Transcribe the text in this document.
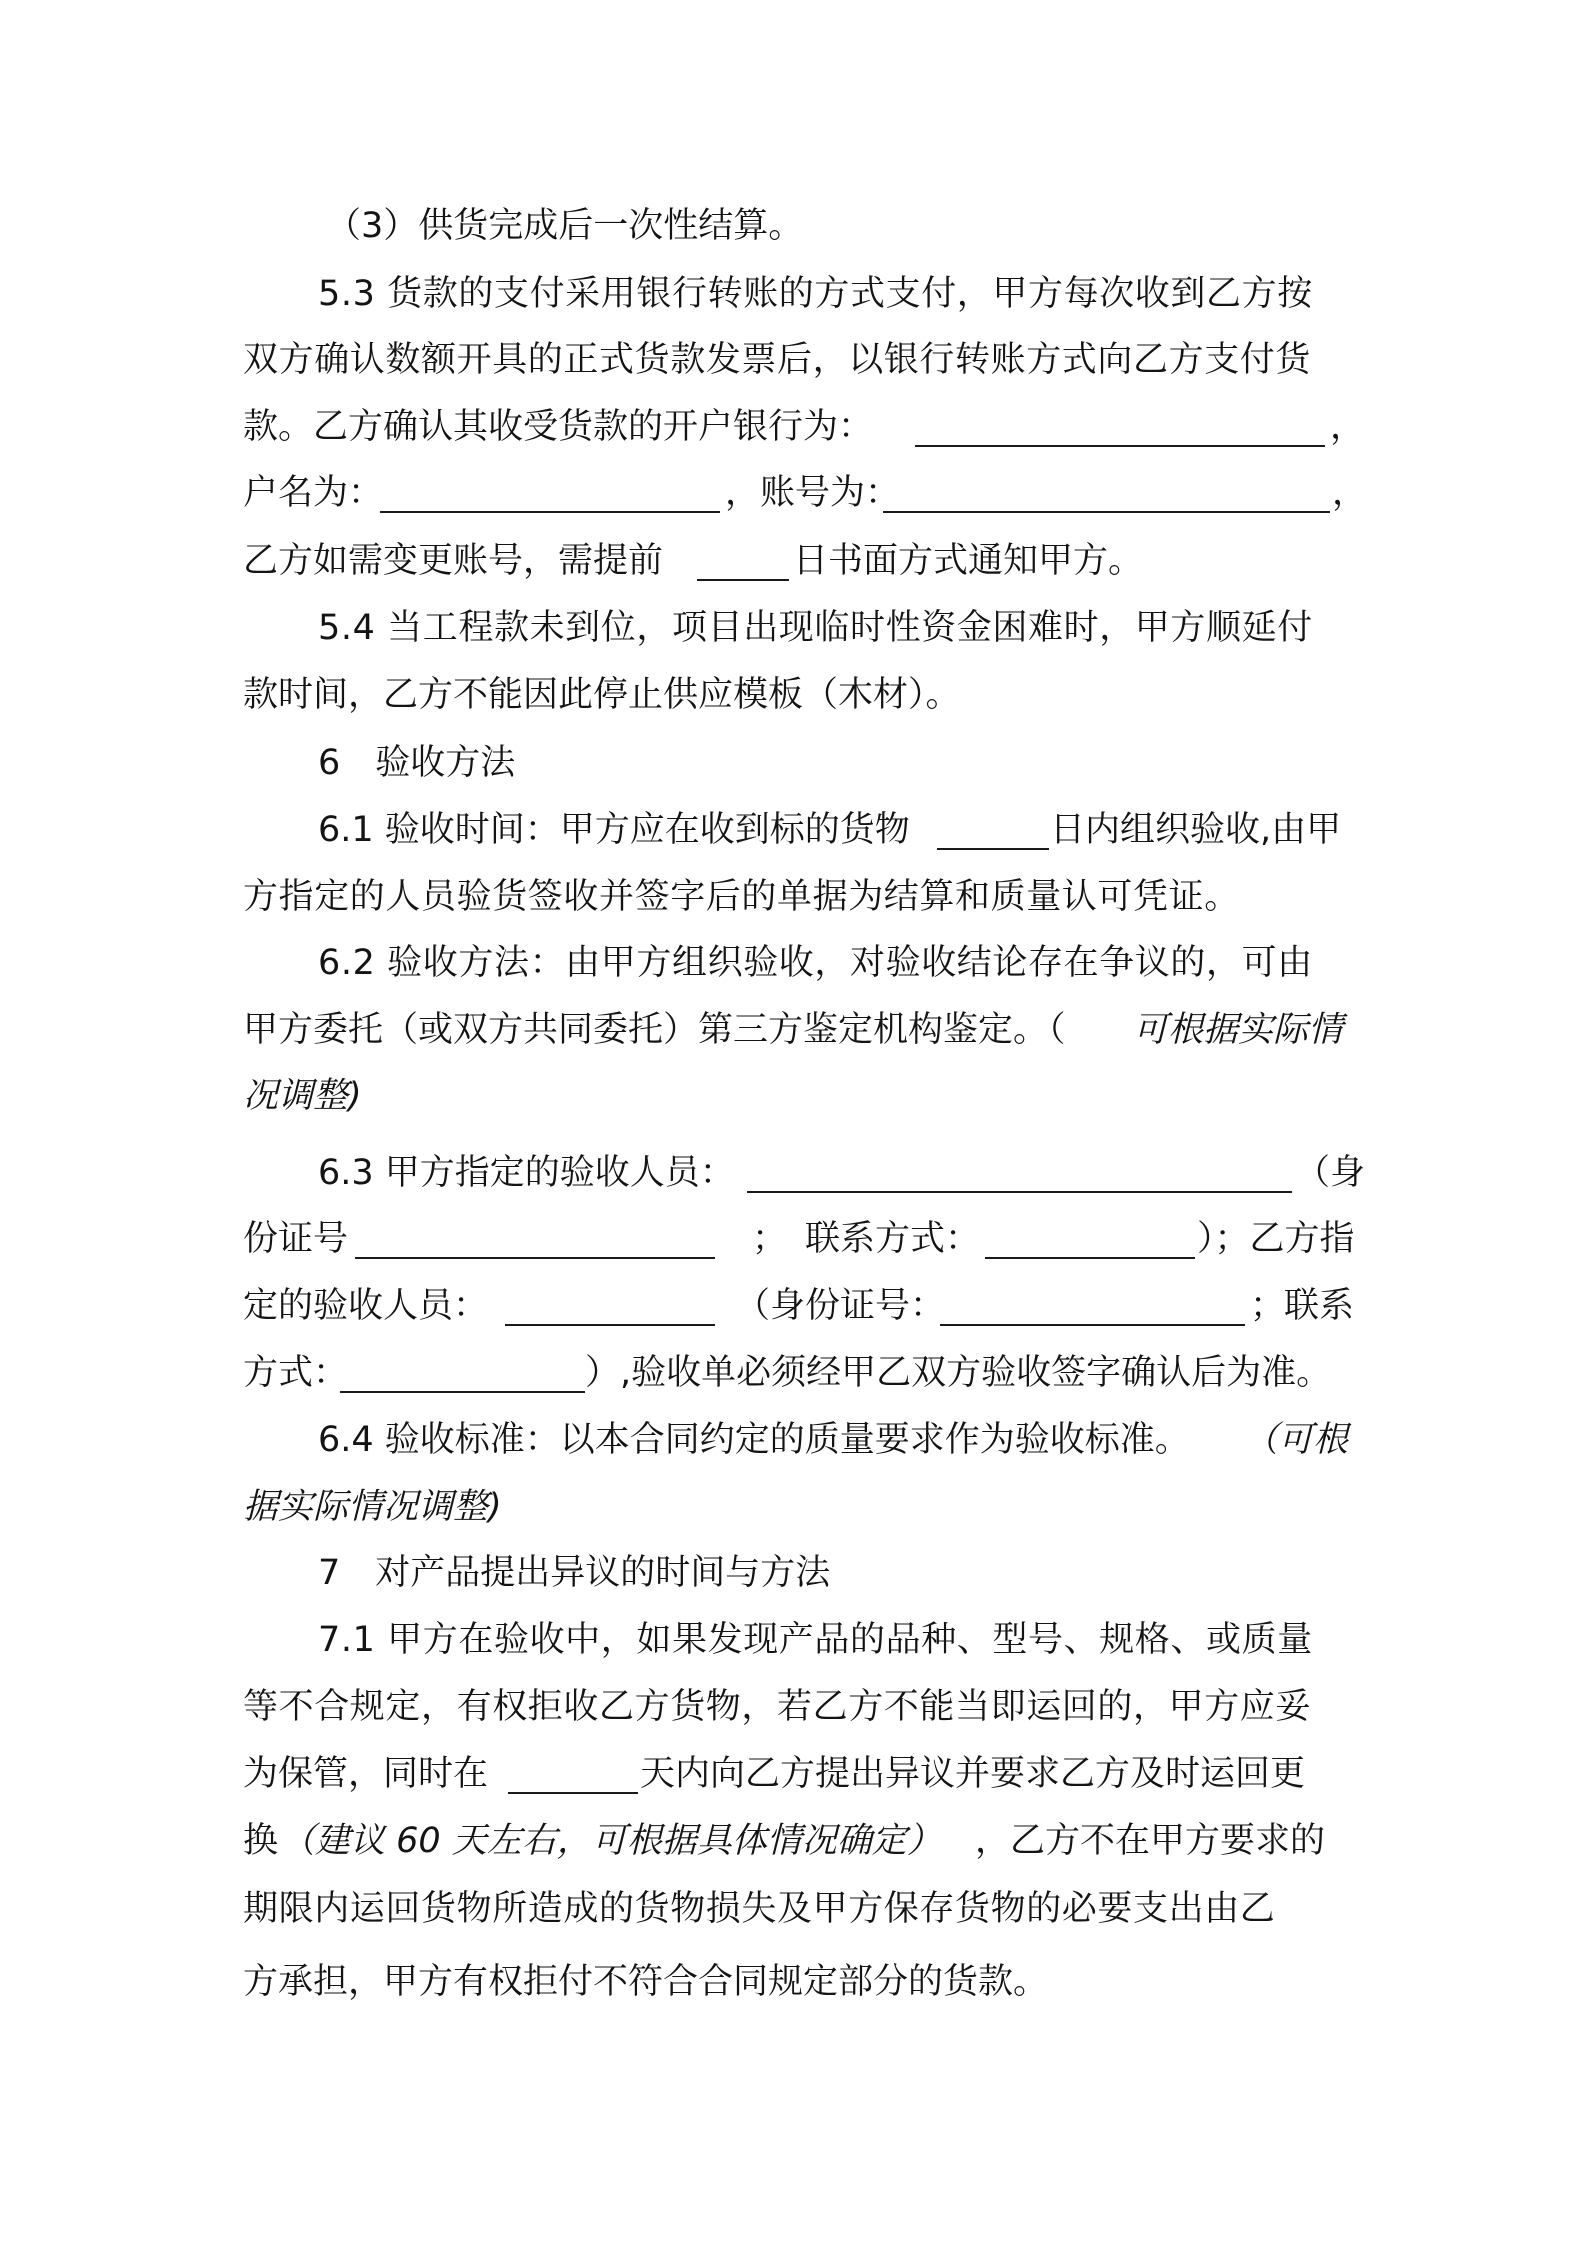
（3）供货完成后一次性结算。
5.3 货款的支付采用银行转账的方式支付，甲方每次收到乙方按
双方确认数额开具的正式货款发票后，以银行转账方式向乙方支付货
款。乙方确认其收受货款的开户银行为：	，
户名为：	，账号为：	，
乙方如需变更账号，需提前	日书面方式通知甲方。
5.4 当工程款未到位，项目出现临时性资金困难时，甲方顺延付
款时间，乙方不能因此停止供应模板（木材）。
6　验收方法
6.1 验收时间：甲方应在收到标的货物	日内组织验收,由甲
方指定的人员验货签收并签字后的单据为结算和质量认可凭证。
6.2 验收方法：由甲方组织验收，对验收结论存在争议的，可由
甲方委托（或双方共同委托）第三方鉴定机构鉴定。（ 可根据实际情
况调整)
6.3 甲方指定的验收人员：	（身
份证号	； 联系方式：	）；乙方指
定的验收人员：	（身份证号：	；
联系
方式：	）,验收单必须经甲乙双方验收签字确认后为准。
6.4 验收标准：以本合同约定的质量要求作为验收标准。 （可根
据实际情况调整)
7　对产品提出异议的时间与方法
7.1 甲方在验收中，如果发现产品的品种、型号、规格、或质量
等不合规定，有权拒收乙方货物，若乙方不能当即运回的，甲方应妥
为保管，同时在	天内向乙方提出异议并要求乙方及时运回更
换 （建议 60 天左右，可根据具体情况确定） ，乙方不在甲方要求的
期限内运回货物所造成的货物损失及甲方保存货物的必要支出由乙
方承担，甲方有权拒付不符合合同规定部分的货款。
